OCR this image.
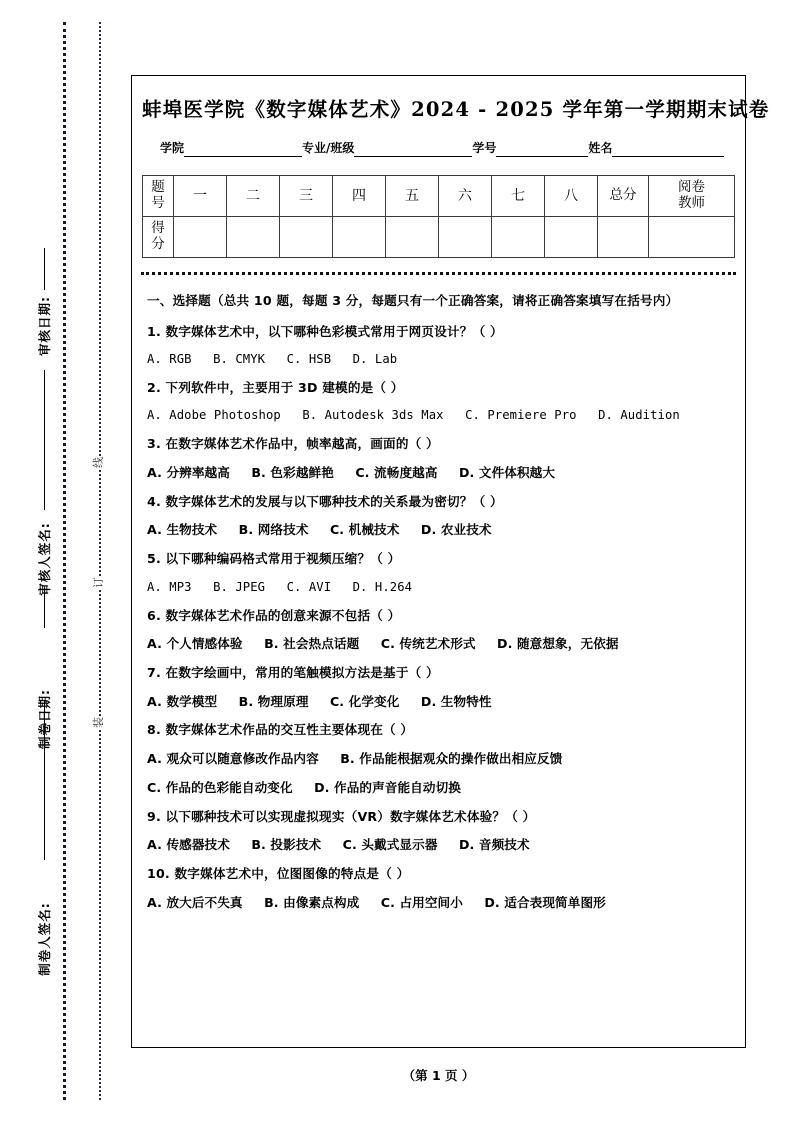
审核日期:
审核人签名:
制卷日期:
制卷人签名:
线
订
装
蚌埠医学院《数字媒体艺术》2024 - 2025 学年第一学期期末试卷
学院	专业/班级	学号	姓名
题
号	一	二	三	四	五	六	七	八	总分	阅卷
教师

得
分										

一、选择题（总共 10 题，每题 3 分，每题只有一个正确答案，请将正确答案填写在括号内）
1. 数字媒体艺术中，以下哪种色彩模式常用于网页设计？（ ）
A. RGB B. CMYK C. HSB D. Lab
2. 下列软件中，主要用于 3D 建模的是（ ）
A. Adobe Photoshop B. Autodesk 3ds Max C. Premiere Pro D. Audition
3. 在数字媒体艺术作品中，帧率越高，画面的（ ）
A. 分辨率越高 B. 色彩越鲜艳 C. 流畅度越高 D. 文件体积越大
4. 数字媒体艺术的发展与以下哪种技术的关系最为密切？（ ）
A. 生物技术 B. 网络技术 C. 机械技术 D. 农业技术
5. 以下哪种编码格式常用于视频压缩？（ ）
A. MP3 B. JPEG C. AVI D. H.264
6. 数字媒体艺术作品的创意来源不包括（ ）
A. 个人情感体验 B. 社会热点话题 C. 传统艺术形式 D. 随意想象，无依据
7. 在数字绘画中，常用的笔触模拟方法是基于（ ）
A. 数学模型 B. 物理原理 C. 化学变化 D. 生物特性
8. 数字媒体艺术作品的交互性主要体现在（ ）
A. 观众可以随意修改作品内容 B. 作品能根据观众的操作做出相应反馈
C. 作品的色彩能自动变化 D. 作品的声音能自动切换
9. 以下哪种技术可以实现虚拟现实（VR）数字媒体艺术体验？（ ）
A. 传感器技术 B. 投影技术 C. 头戴式显示器 D. 音频技术
10. 数字媒体艺术中，位图图像的特点是（ ）
A. 放大后不失真 B. 由像素点构成 C. 占用空间小 D. 适合表现简单图形
（第 1 页 ）
